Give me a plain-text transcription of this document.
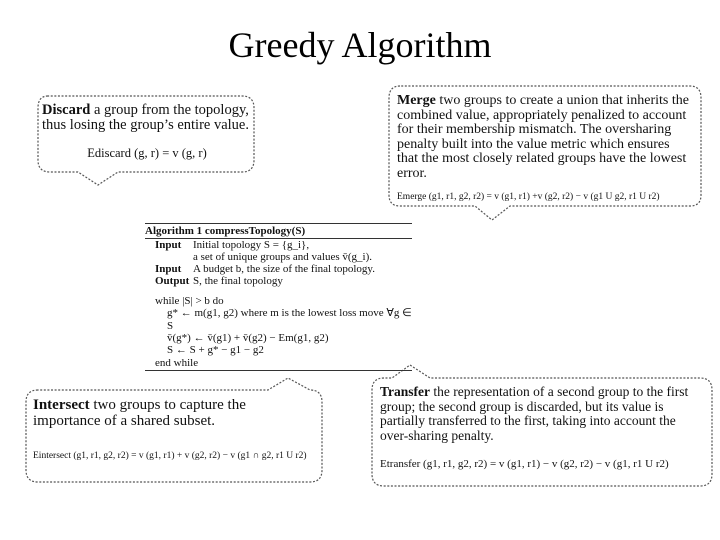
Greedy Algorithm
Discard a group from the topology, thus losing the group’s entire value.
Ediscard (g, r) = v (g, r)
Merge two groups to create a union that inherits the combined value, appropriately penalized to account for their membership mismatch. The oversharing penalty built into the value metric which ensures that the most closely related groups have the lowest error.
Emerge (g1, r1, g2, r2) = v (g1, r1) +v (g2, r2) − v (g1 U g2, r1 U r2)
Intersect two groups to capture the importance of a shared subset.
Eintersect (g1, r1, g2, r2) = v (g1, r1) + v (g2, r2) − v (g1 ∩ g2, r1 U r2)
Transfer the representation of a second group to the first group; the second group is discarded, but its value is partially transferred to the first, taking into account the over-sharing penalty.
Etransfer (g1, r1, g2, r2) = v (g1, r1) − v (g2, r2) − v (g1, r1 U r2)
Algorithm 1 compressTopology(S)
Input	Initial topology S = {g_i},
a set of unique groups and values v̄(g_i).
Input	A budget b, the size of the final topology.
Output S, the final topology
while |S| > b do
g* ← m(g1, g2) where m is the lowest loss move ∀g ∈ S
v̄(g*) ← v̄(g1) + v̄(g2) − Em(g1, g2)
S ← S + g* − g1 − g2
end while
